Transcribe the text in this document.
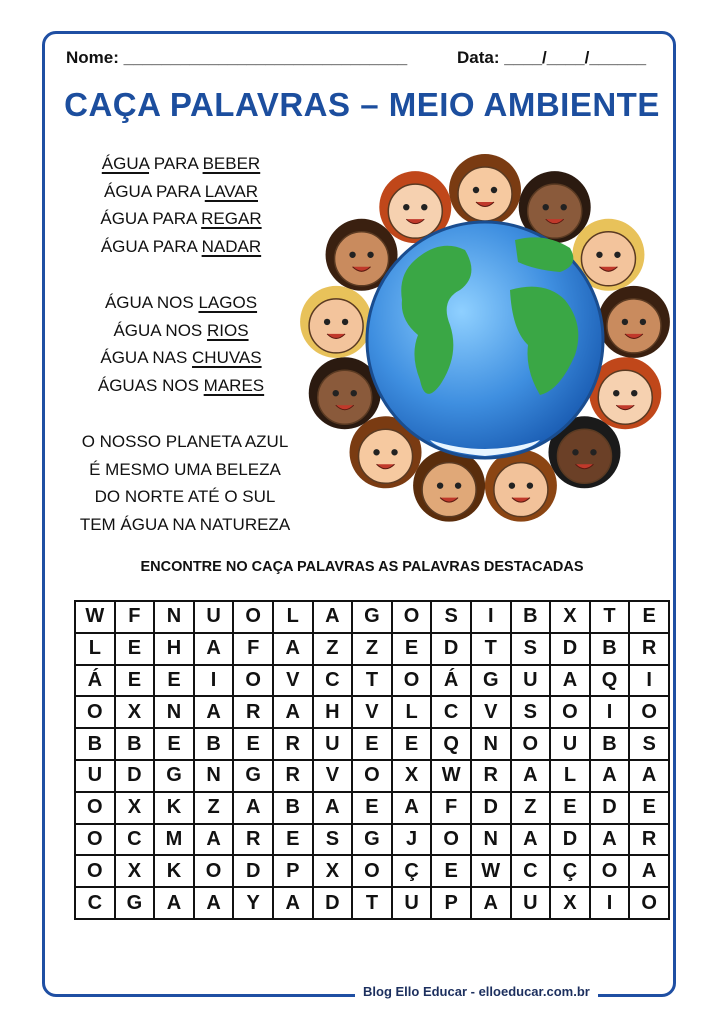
Nome: ______________________________	Data: ____/____/______
CAÇA PALAVRAS – MEIO AMBIENTE
ÁGUA PARA BEBER
ÁGUA PARA LAVAR
ÁGUA PARA REGAR
ÁGUA PARA NADAR
ÁGUA NOS LAGOS
ÁGUA NOS RIOS
ÁGUA NAS CHUVAS
ÁGUAS NOS MARES
O NOSSO PLANETA AZUL
É MESMO UMA BELEZA
DO NORTE ATÉ O SUL
TEM ÁGUA NA NATUREZA
ENCONTRE NO CAÇA PALAVRAS AS PALAVRAS DESTACADAS
W	F	N	U	O	L	A	G	O	S	I	B	X	T	E
L	E	H	A	F	A	Z	Z	E	D	T	S	D	B	R
Á	E	E	I	O	V	C	T	O	Á	G	U	A	Q	I
O	X	N	A	R	A	H	V	L	C	V	S	O	I	O
B	B	E	B	E	R	U	E	E	Q	N	O	U	B	S
U	D	G	N	G	R	V	O	X	W	R	A	L	A	A
O	X	K	Z	A	B	A	E	A	F	D	Z	E	D	E
O	C	M	A	R	E	S	G	J	O	N	A	D	A	R
O	X	K	O	D	P	X	O	Ç	E	W	C	Ç	O	A
C	G	A	A	Y	A	D	T	U	P	A	U	X	I	O
Blog Ello Educar - elloeducar.com.br
